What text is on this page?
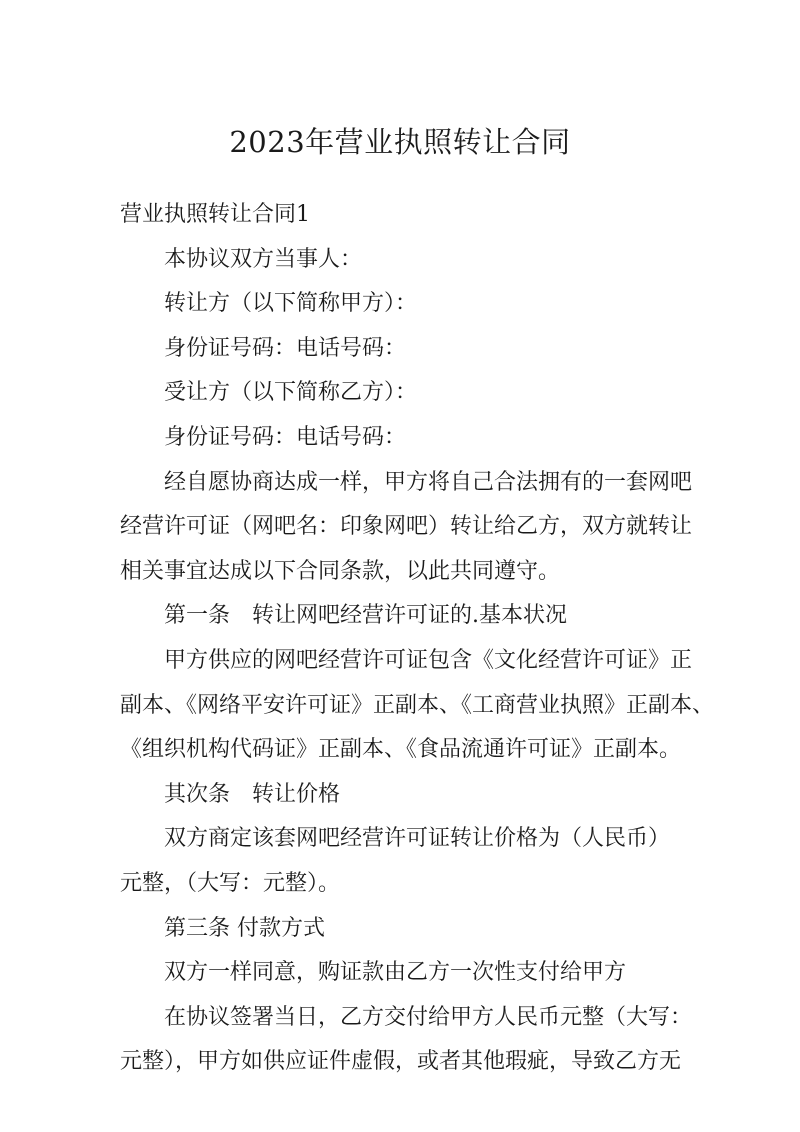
2023年营业执照转让合同
营业执照转让合同1
本协议双方当事人：
转让方（以下简称甲方）：
身份证号码：电话号码：
受让方（以下简称乙方）：
身份证号码：电话号码：
经自愿协商达成一样，甲方将自己合法拥有的一套网吧
经营许可证（网吧名：印象网吧）转让给乙方，双方就转让
相关事宜达成以下合同条款，以此共同遵守。
第一条　转让网吧经营许可证的.基本状况
甲方供应的网吧经营许可证包含《文化经营许可证》正
副本、《网络平安许可证》正副本、《工商营业执照》正副本、
《组织机构代码证》正副本、《食品流通许可证》正副本。
其次条　转让价格
双方商定该套网吧经营许可证转让价格为（人民币）
元整，（大写：元整）。
第三条 付款方式
双方一样同意，购证款由乙方一次性支付给甲方
在协议签署当日，乙方交付给甲方人民币元整（大写：
元整），甲方如供应证件虚假，或者其他瑕疵，导致乙方无
